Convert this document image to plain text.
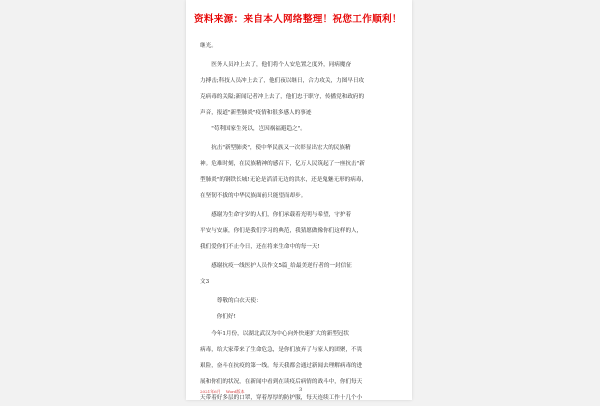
资料来源：来自本人网络整理！祝您工作顺利！
继光。
　　医务人员冲上去了，他们将个人安危置之度外，同病魔奋
力搏击;科技人员冲上去了，他们夜以继日，合力攻关，力图早日攻
克病毒的关隘;新闻记者冲上去了，他们忠于职守，传播党和政府的
声音，报道"新型肺炎"疫情和很多感人的事迹
　　"苟利国家生死以，岂因祸福避趋之"。
　　抗击"新型肺炎"，使中华民族又一次彰显出宏大的民族精
神。危难时刻，在民族精神的感召下，亿万人民筑起了一座抗击"新
型肺炎"的钢铁长城!无论是滔滔无边的洪水，还是鬼魅无形的病毒，
在坚韧不拔的中华民族面前只能望而却步。
　　感谢为生命守岁的人们，你们承载着光明与希望，守护着
平安与安康，你们是我们学习的典范，我猜愿做像你们这样的人，
我们爱你们不止今日，还在将来生命中的每一天!
　　感谢抗疫一线医护人员作文5篇_给最美逆行者的一封信征
文3
　　　尊敬的白衣天使：
　　　你们好!
　　今年1月份，以湖北武汉为中心向外快速扩大的新型冠状
病毒，给大家带来了生命危急，是你们放弃了与家人的团聚，不畏
艰险，奋斗在抗疫的第一线。每天我都会通过新闻去理解病毒的进
展和你们的状况，在新闻中看到在读疫后病情的战斗中，你们每天
天带着好多层的口罩，穿着厚厚的防护服，每天连续工作十几个小
2021年6月 Word版本	3
